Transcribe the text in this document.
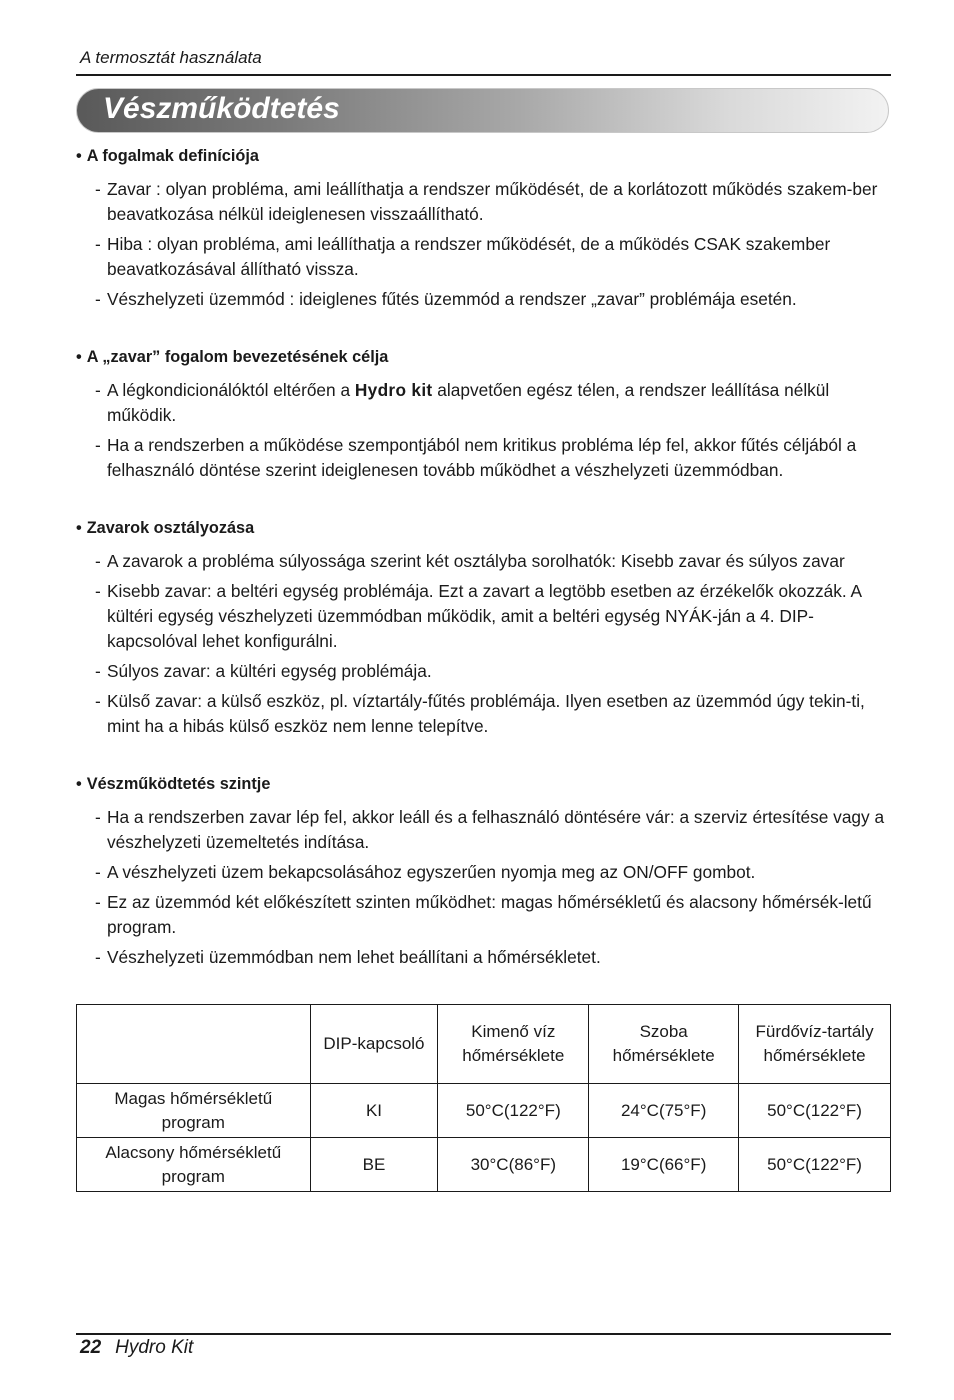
A termosztát használata
Vészműködtetés
• A fogalmak definíciója
- Zavar : olyan probléma, ami leállíthatja a rendszer működését, de a korlátozott működés szakem-ber beavatkozása nélkül ideiglenesen visszaállítható.
- Hiba : olyan probléma, ami leállíthatja a rendszer működését, de a működés CSAK szakember beavatkozásával állítható vissza.
- Vészhelyzeti üzemmód : ideiglenes fűtés üzemmód a rendszer „zavar” problémája esetén.
• A „zavar” fogalom bevezetésének célja
- A légkondicionálóktól eltérően a Hydro kit alapvetően egész télen, a rendszer leállítása nélkül működik.
- Ha a rendszerben a működése szempontjából nem kritikus probléma lép fel, akkor fűtés céljából a felhasználó döntése szerint ideiglenesen tovább működhet a vészhelyzeti üzemmódban.
• Zavarok osztályozása
- A zavarok a probléma súlyossága szerint két osztályba sorolhatók: Kisebb zavar és súlyos zavar
- Kisebb zavar: a beltéri egység problémája. Ezt a zavart a legtöbb esetben az érzékelők okozzák. A kültéri egység vészhelyzeti üzemmódban működik, amit a beltéri egység NYÁK-ján a 4. DIP-kapcsolóval lehet konfigurálni.
- Súlyos zavar: a kültéri egység problémája.
- Külső zavar: a külső eszköz, pl. víztartály-fűtés problémája. Ilyen esetben az üzemmód úgy tekin-ti, mint ha a hibás külső eszköz nem lenne telepítve.
• Vészműködtetés szintje
- Ha a rendszerben zavar lép fel, akkor leáll és a felhasználó döntésére vár: a szerviz értesítése vagy a vészhelyzeti üzemeltetés indítása.
- A vészhelyzeti üzem bekapcsolásához egyszerűen nyomja meg az ON/OFF gombot.
- Ez az üzemmód két előkészített szinten működhet: magas hőmérsékletű és alacsony hőmérsék-letű program.
- Vészhelyzeti üzemmódban nem lehet beállítani a hőmérsékletet.
	DIP-kapcsoló	Kimenő víz hőmérséklete	Szoba hőmérséklete	Fürdővíz-tartály hőmérséklete
Magas hőmérsékletű program	KI	50°C(122°F)	24°C(75°F)	50°C(122°F)
Alacsony hőmérsékletű program	BE	30°C(86°F)	19°C(66°F)	50°C(122°F)
22 Hydro Kit
